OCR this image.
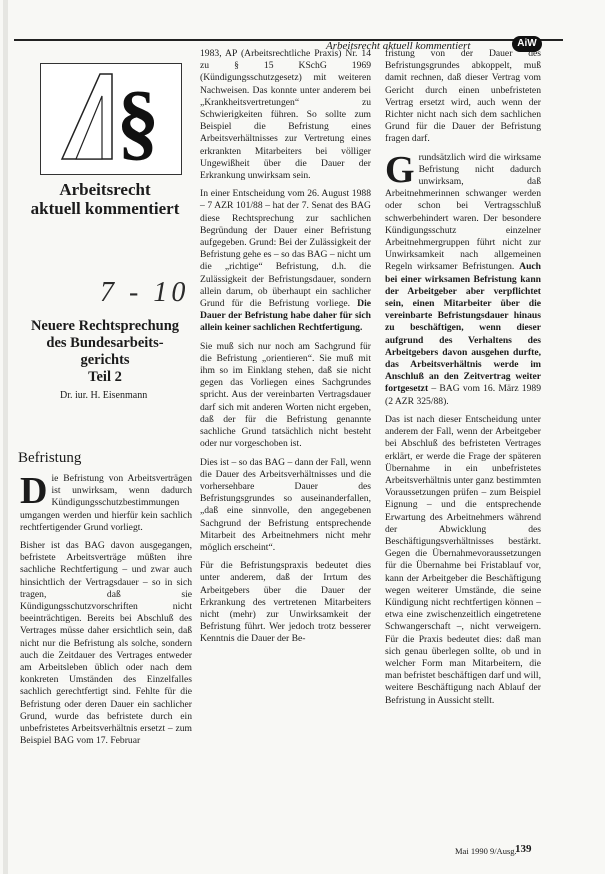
Arbeitsrecht aktuell kommentiert	AiW
§
Arbeitsrecht
aktuell kommentiert
7 - 10
Neuere Rechtsprechung
des Bundesarbeits-
gerichts
Teil 2
Dr. iur. H. Eisenmann
Befristung

Die Befristung von Arbeitsverträgen ist unwirksam, wenn dadurch Kündigungsschutzbestimmungen umgangen werden und hierfür kein sachlich rechtfertigender Grund vorliegt.

Bisher ist das BAG davon ausgegangen, befristete Arbeitsverträge müßten ihre sachliche Rechtfertigung – und zwar auch hinsichtlich der Vertragsdauer – so in sich tragen, daß sie Kündigungsschutzvorschriften nicht beeinträchtigen. Bereits bei Abschluß des Vertrages müsse daher ersichtlich sein, daß nicht nur die Befristung als solche, sondern auch die Zeitdauer des Vertrages entweder am Arbeitsleben üblich oder nach dem konkreten Umständen des Einzelfalles sachlich gerechtfertigt sind. Fehlte für die Befristung oder deren Dauer ein sachlicher Grund, wurde das befristete durch ein unbefristetes Arbeitsverhältnis ersetzt – zum Beispiel BAG vom 17. Februar

1983, AP (Arbeitsrechtliche Praxis) Nr. 14 zu § 15 KSchG 1969 (Kündigungsschutzgesetz) mit weiteren Nachweisen. Das konnte unter anderem bei „Krankheitsvertretungen“ zu Schwierigkeiten führen. So sollte zum Beispiel die Befristung eines Arbeitsverhältnisses zur Vertretung eines erkrankten Mitarbeiters bei völliger Ungewißheit über die Dauer der Erkrankung unwirksam sein.

In einer Entscheidung vom 26. August 1988 – 7 AZR 101/88 – hat der 7. Senat des BAG diese Rechtsprechung zur sachlichen Begründung der Dauer einer Befristung aufgegeben. Grund: Bei der Zulässigkeit der Befristung gehe es – so das BAG – nicht um die „richtige“ Befristung, d.h. die Zulässigkeit der Befristungsdauer, sondern allein darum, ob überhaupt ein sachlicher Grund für die Befristung vorliege. Die Dauer der Befristung habe daher für sich allein keiner sachlichen Rechtfertigung.

Sie muß sich nur noch am Sachgrund für die Befristung „orientieren“. Sie muß mit ihm so im Einklang stehen, daß sie nicht gegen das Vorliegen eines Sachgrundes spricht. Aus der vereinbarten Vertragsdauer darf sich mit anderen Worten nicht ergeben, daß der für die Befristung genannte sachliche Grund tatsächlich nicht besteht oder nur vorgeschoben ist.

Dies ist – so das BAG – dann der Fall, wenn die Dauer des Arbeitsverhältnisses und die vorhersehbare Dauer des Befristungsgrundes so auseinanderfallen, „daß eine sinnvolle, den angegebenen Sachgrund der Befristung entsprechende Mitarbeit des Arbeitnehmers nicht mehr möglich erscheint“.

Für die Befristungspraxis bedeutet dies unter anderem, daß der Irrtum des Arbeitgebers über die Dauer der Erkrankung des vertretenen Mitarbeiters nicht (mehr) zur Unwirksamkeit der Befristung führt. Wer jedoch trotz besserer Kenntnis die Dauer der Be-

fristung von der Dauer des Befristungsgrundes abkoppelt, muß damit rechnen, daß dieser Vertrag vom Gericht durch einen unbefristeten Vertrag ersetzt wird, auch wenn der Richter nicht nach sich dem sachlichen Grund für die Dauer der Befristung fragen darf.

Grundsätzlich wird die wirksame Befristung nicht dadurch unwirksam, daß Arbeitnehmerinnen schwanger werden oder schon bei Vertragsschluß schwerbehindert waren. Der besondere Kündigungsschutz einzelner Arbeitnehmergruppen führt nicht zur Unwirksamkeit nach allgemeinen Regeln wirksamer Befristungen. Auch bei einer wirksamen Befristung kann der Arbeitgeber aber verpflichtet sein, einen Mitarbeiter über die vereinbarte Befristungsdauer hinaus zu beschäftigen, wenn dieser aufgrund des Verhaltens des Arbeitgebers davon ausgehen durfte, das Arbeitsverhältnis werde im Anschluß an den Zeitvertrag weiter fortgesetzt – BAG vom 16. März 1989 (2 AZR 325/88).

Das ist nach dieser Entscheidung unter anderem der Fall, wenn der Arbeitgeber bei Abschluß des befristeten Vertrages erklärt, er werde die Frage der späteren Übernahme in ein unbefristetes Arbeitsverhältnis unter ganz bestimmten Voraussetzungen prüfen – zum Beispiel Eignung – und die entsprechende Erwartung des Arbeitnehmers während der Abwicklung des Beschäftigungsverhältnisses bestärkt. Gegen die Übernahmevoraussetzungen für die Übernahme bei Fristablauf vor, kann der Arbeitgeber die Beschäftigung wegen weiterer Umstände, die seine Kündigung nicht rechtfertigen können – etwa eine zwischenzeitlich eingetretene Schwangerschaft –, nicht verweigern. Für die Praxis bedeutet dies: daß man sich genau überlegen sollte, ob und in welcher Form man Mitarbeitern, die man befristet beschäftigen darf und will, weitere Beschäftigung nach Ablauf der Befristung in Aussicht stellt.

Mai 1990 9/Ausg.
139
